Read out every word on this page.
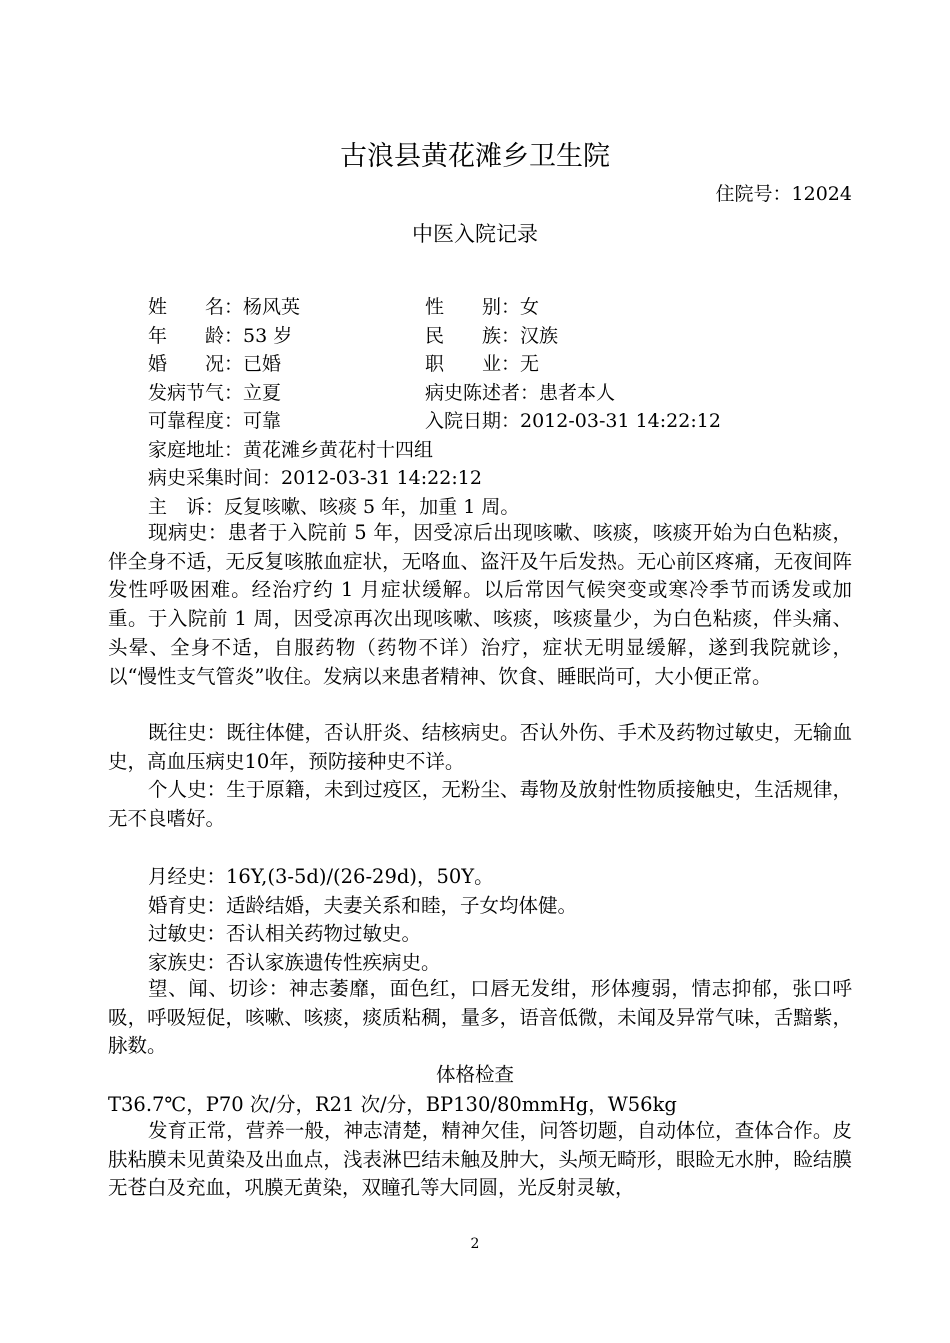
古浪县黄花滩乡卫生院
住院号：12024
中医入院记录
姓　　名：杨风英	性　　别：女
年　　龄：53 岁	民　　族：汉族
婚　　况：已婚	职　　业：无
发病节气：立夏	病史陈述者：患者本人
可靠程度：可靠	入院日期：2012-03-31 14:22:12
家庭地址：黄花滩乡黄花村十四组
病史采集时间：2012-03-31 14:22:12
主　诉：反复咳嗽、咳痰 5 年，加重 1 周。
现病史：患者于入院前 5 年，因受凉后出现咳嗽、咳痰，咳痰开始为白色粘痰，伴全身不适，无反复咳脓血症状，无咯血、盗汗及午后发热。无心前区疼痛，无夜间阵发性呼吸困难。经治疗约 1 月症状缓解。以后常因气候突变或寒冷季节而诱发或加重。于入院前 1 周，因受凉再次出现咳嗽、咳痰，咳痰量少，为白色粘痰，伴头痛、头晕、全身不适，自服药物（药物不详）治疗，症状无明显缓解，遂到我院就诊，以“慢性支气管炎”收住。发病以来患者精神、饮食、睡眠尚可，大小便正常。
既往史：既往体健，否认肝炎、结核病史。否认外伤、手术及药物过敏史，无输血史，高血压病史10年，预防接种史不详。
个人史：生于原籍，未到过疫区，无粉尘、毒物及放射性物质接触史，生活规律，无不良嗜好。
月经史：16Y,(3-5d)/(26-29d)，50Y。
婚育史：适龄结婚，夫妻关系和睦，子女均体健。
过敏史：否认相关药物过敏史。
家族史：否认家族遗传性疾病史。
望、闻、切诊：神志萎靡，面色红，口唇无发绀，形体瘦弱，情志抑郁，张口呼吸，呼吸短促，咳嗽、咳痰，痰质粘稠，量多，语音低微，未闻及异常气味，舌黯紫，脉数。
体格检查
T36.7℃，P70 次/分，R21 次/分，BP130/80mmHg，W56kg
发育正常，营养一般，神志清楚，精神欠佳，问答切题，自动体位，查体合作。皮肤粘膜未见黄染及出血点，浅表淋巴结未触及肿大，头颅无畸形，眼睑无水肿，睑结膜无苍白及充血，巩膜无黄染，双瞳孔等大同圆，光反射灵敏，
2
